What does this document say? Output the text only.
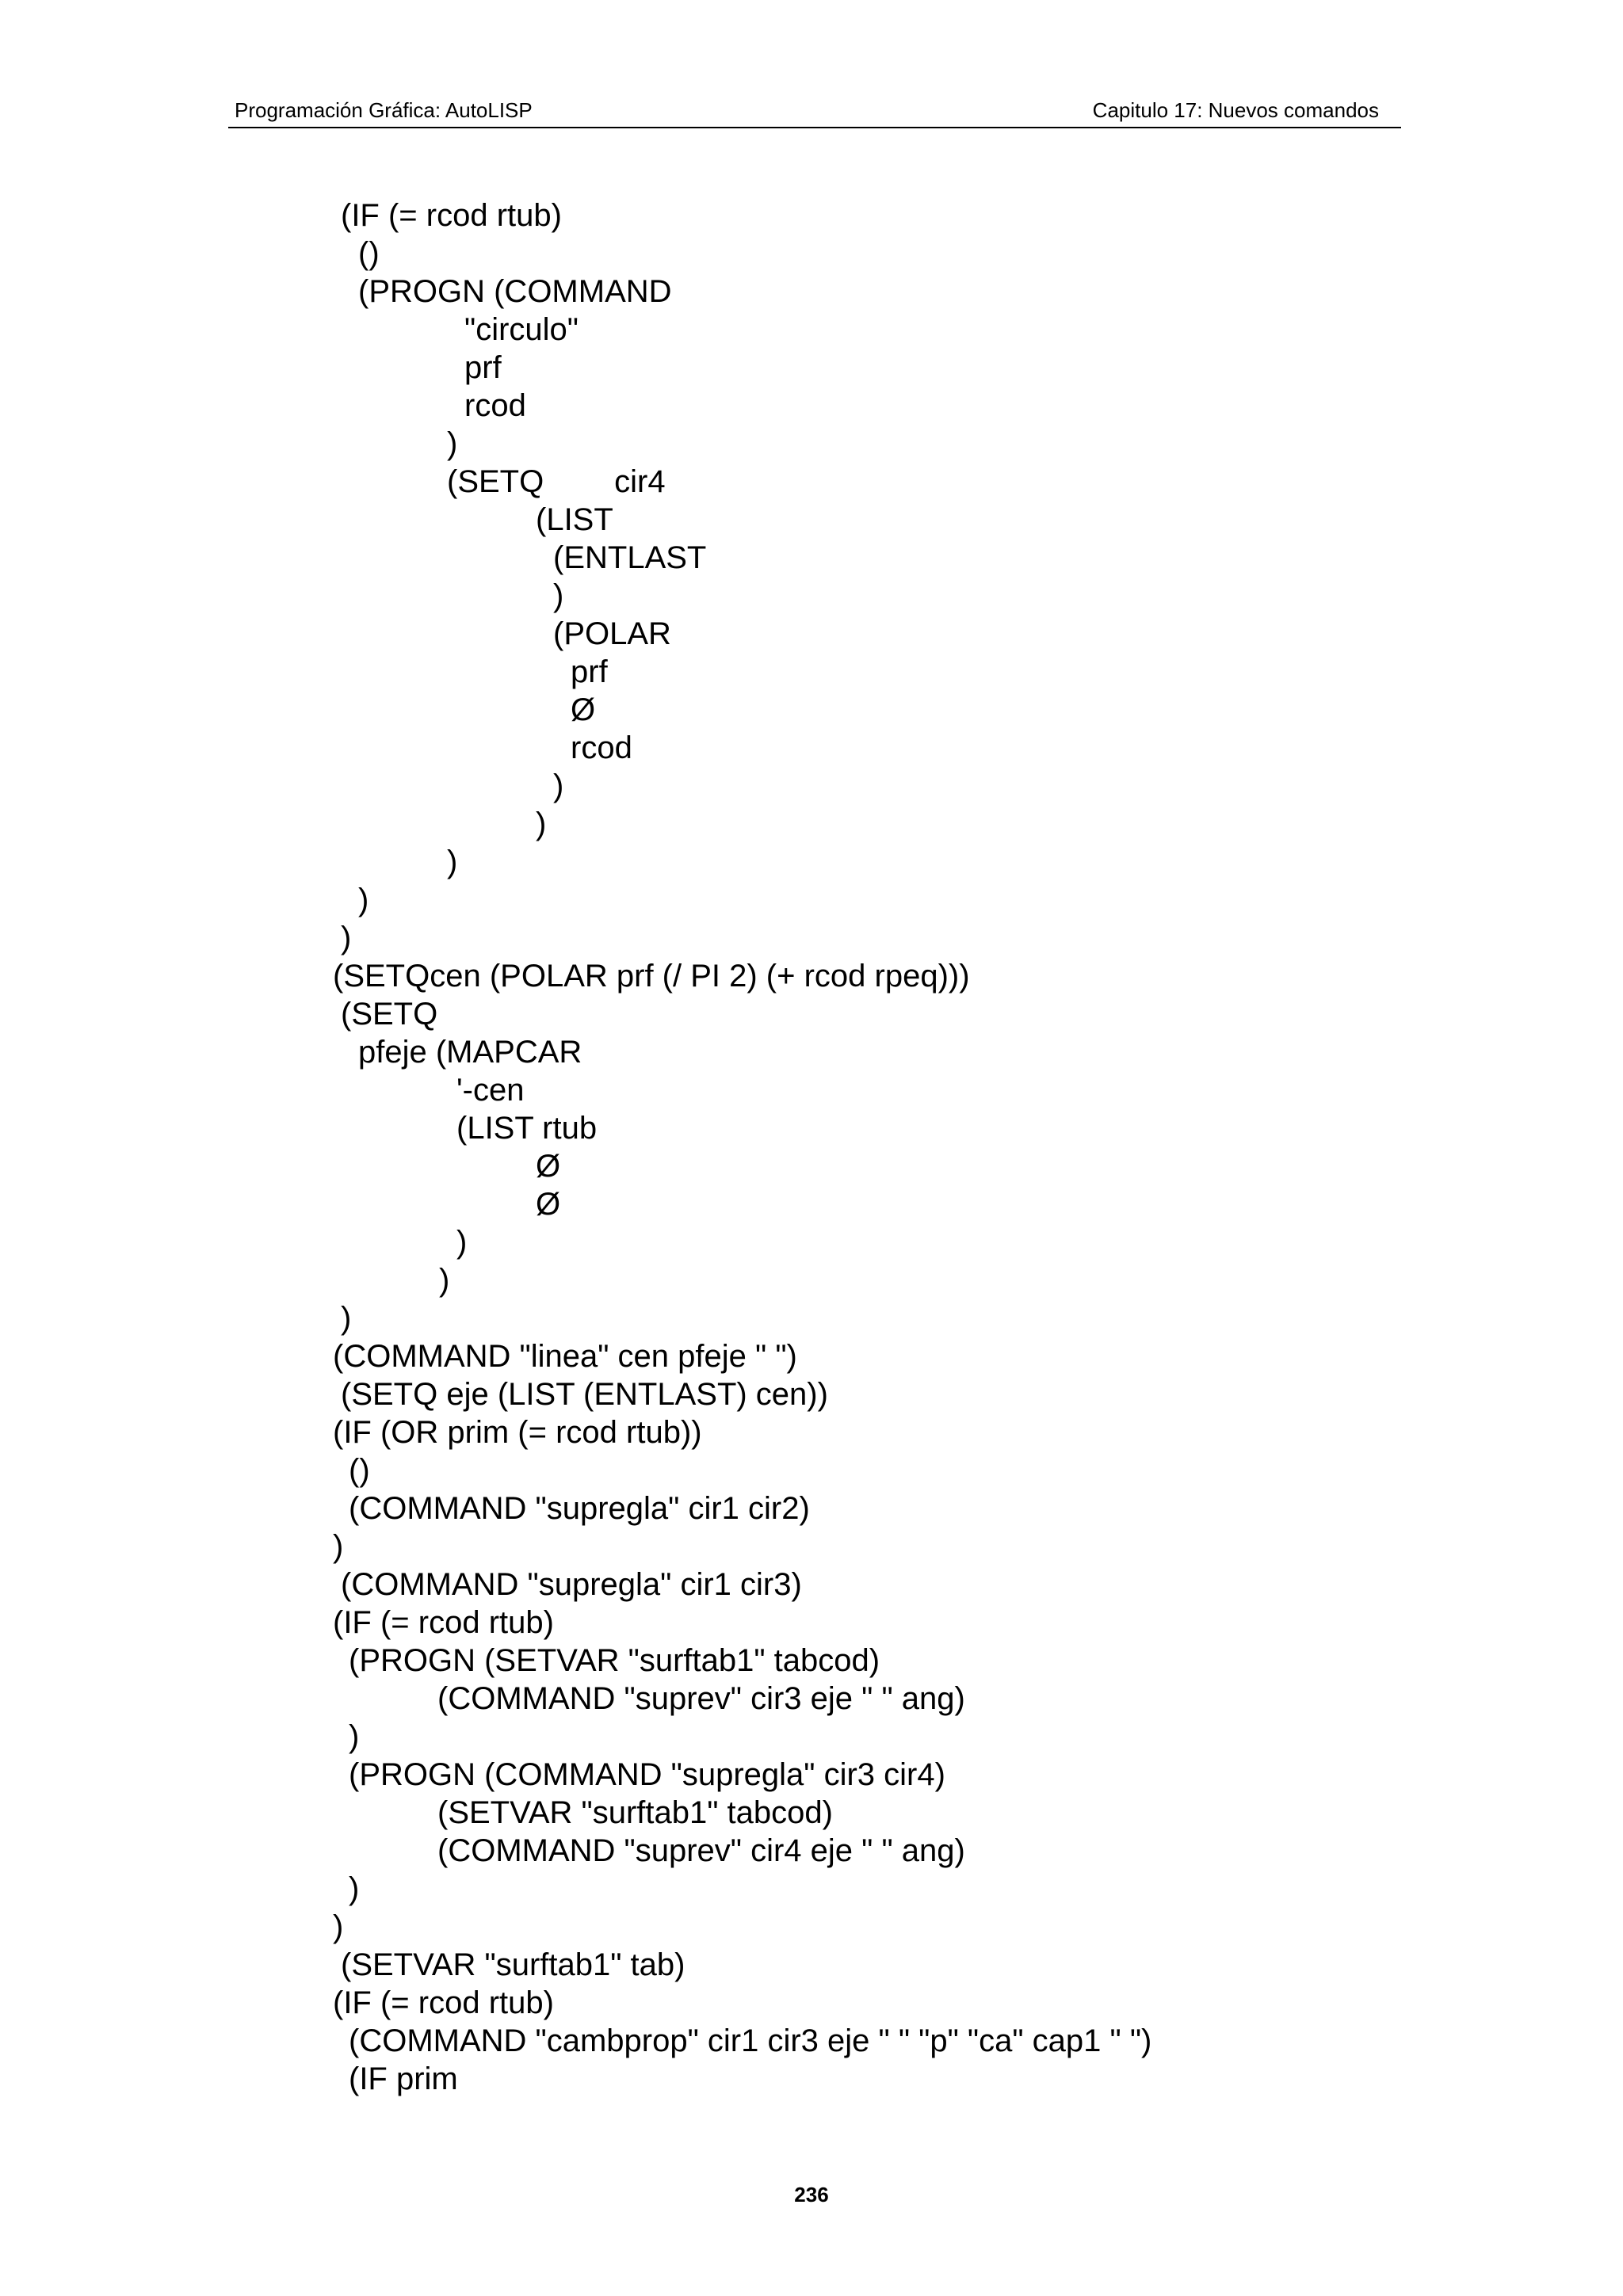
Programación Gráfica: AutoLISP	Capitulo 17: Nuevos comandos
(IF (= rcod rtub)
()
(PROGN (COMMAND
"circulo"
prf
rcod
)
(SETQ        cir4
(LIST
(ENTLAST
)
(POLAR
prf
Ø
rcod
)
)
)
)
)
(SETQcen (POLAR prf (/ PI 2) (+ rcod rpeq)))
(SETQ
pfeje (MAPCAR
'-cen
(LIST rtub
Ø
Ø
)
)
)
(COMMAND "linea" cen pfeje " ")
(SETQ eje (LIST (ENTLAST) cen))
(IF (OR prim (= rcod rtub))
()
(COMMAND "supregla" cir1 cir2)
)
(COMMAND "supregla" cir1 cir3)
(IF (= rcod rtub)
(PROGN (SETVAR "surftab1" tabcod)
(COMMAND "suprev" cir3 eje " " ang)
)
(PROGN (COMMAND "supregla" cir3 cir4)
(SETVAR "surftab1" tabcod)
(COMMAND "suprev" cir4 eje " " ang)
)
)
(SETVAR "surftab1" tab)
(IF (= rcod rtub)
(COMMAND "cambprop" cir1 cir3 eje " " "p" "ca" cap1 " ")
(IF prim
236
